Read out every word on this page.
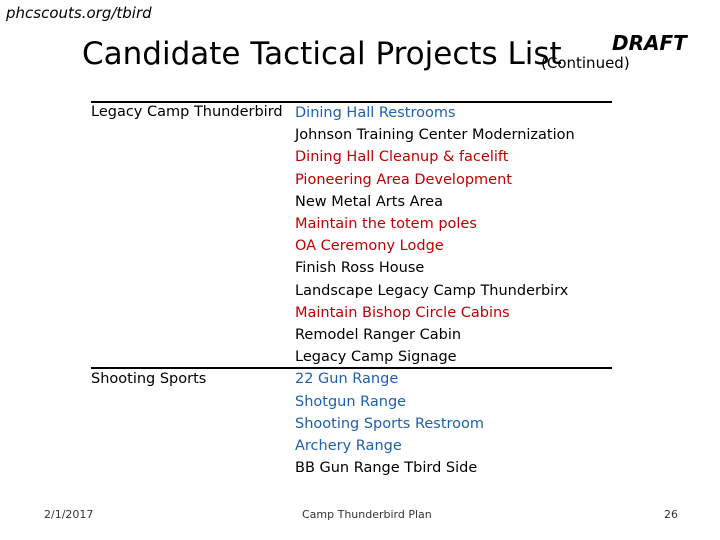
phcscouts.org/tbird
Candidate Tactical Projects List
(Continued)
DRAFT
Legacy Camp Thunderbird
Shooting Sports
Dining Hall Restrooms
Johnson Training Center Modernization
Dining Hall Cleanup & facelift
Pioneering Area Development
New Metal Arts Area
Maintain the totem poles
OA Ceremony Lodge
Finish Ross House
Landscape Legacy Camp Thunderbirx
Maintain Bishop Circle Cabins
Remodel Ranger Cabin
Legacy Camp Signage
22 Gun Range
Shotgun Range
Shooting Sports Restroom
Archery Range
BB Gun Range Tbird Side
2/1/2017	Camp Thunderbird Plan	26
